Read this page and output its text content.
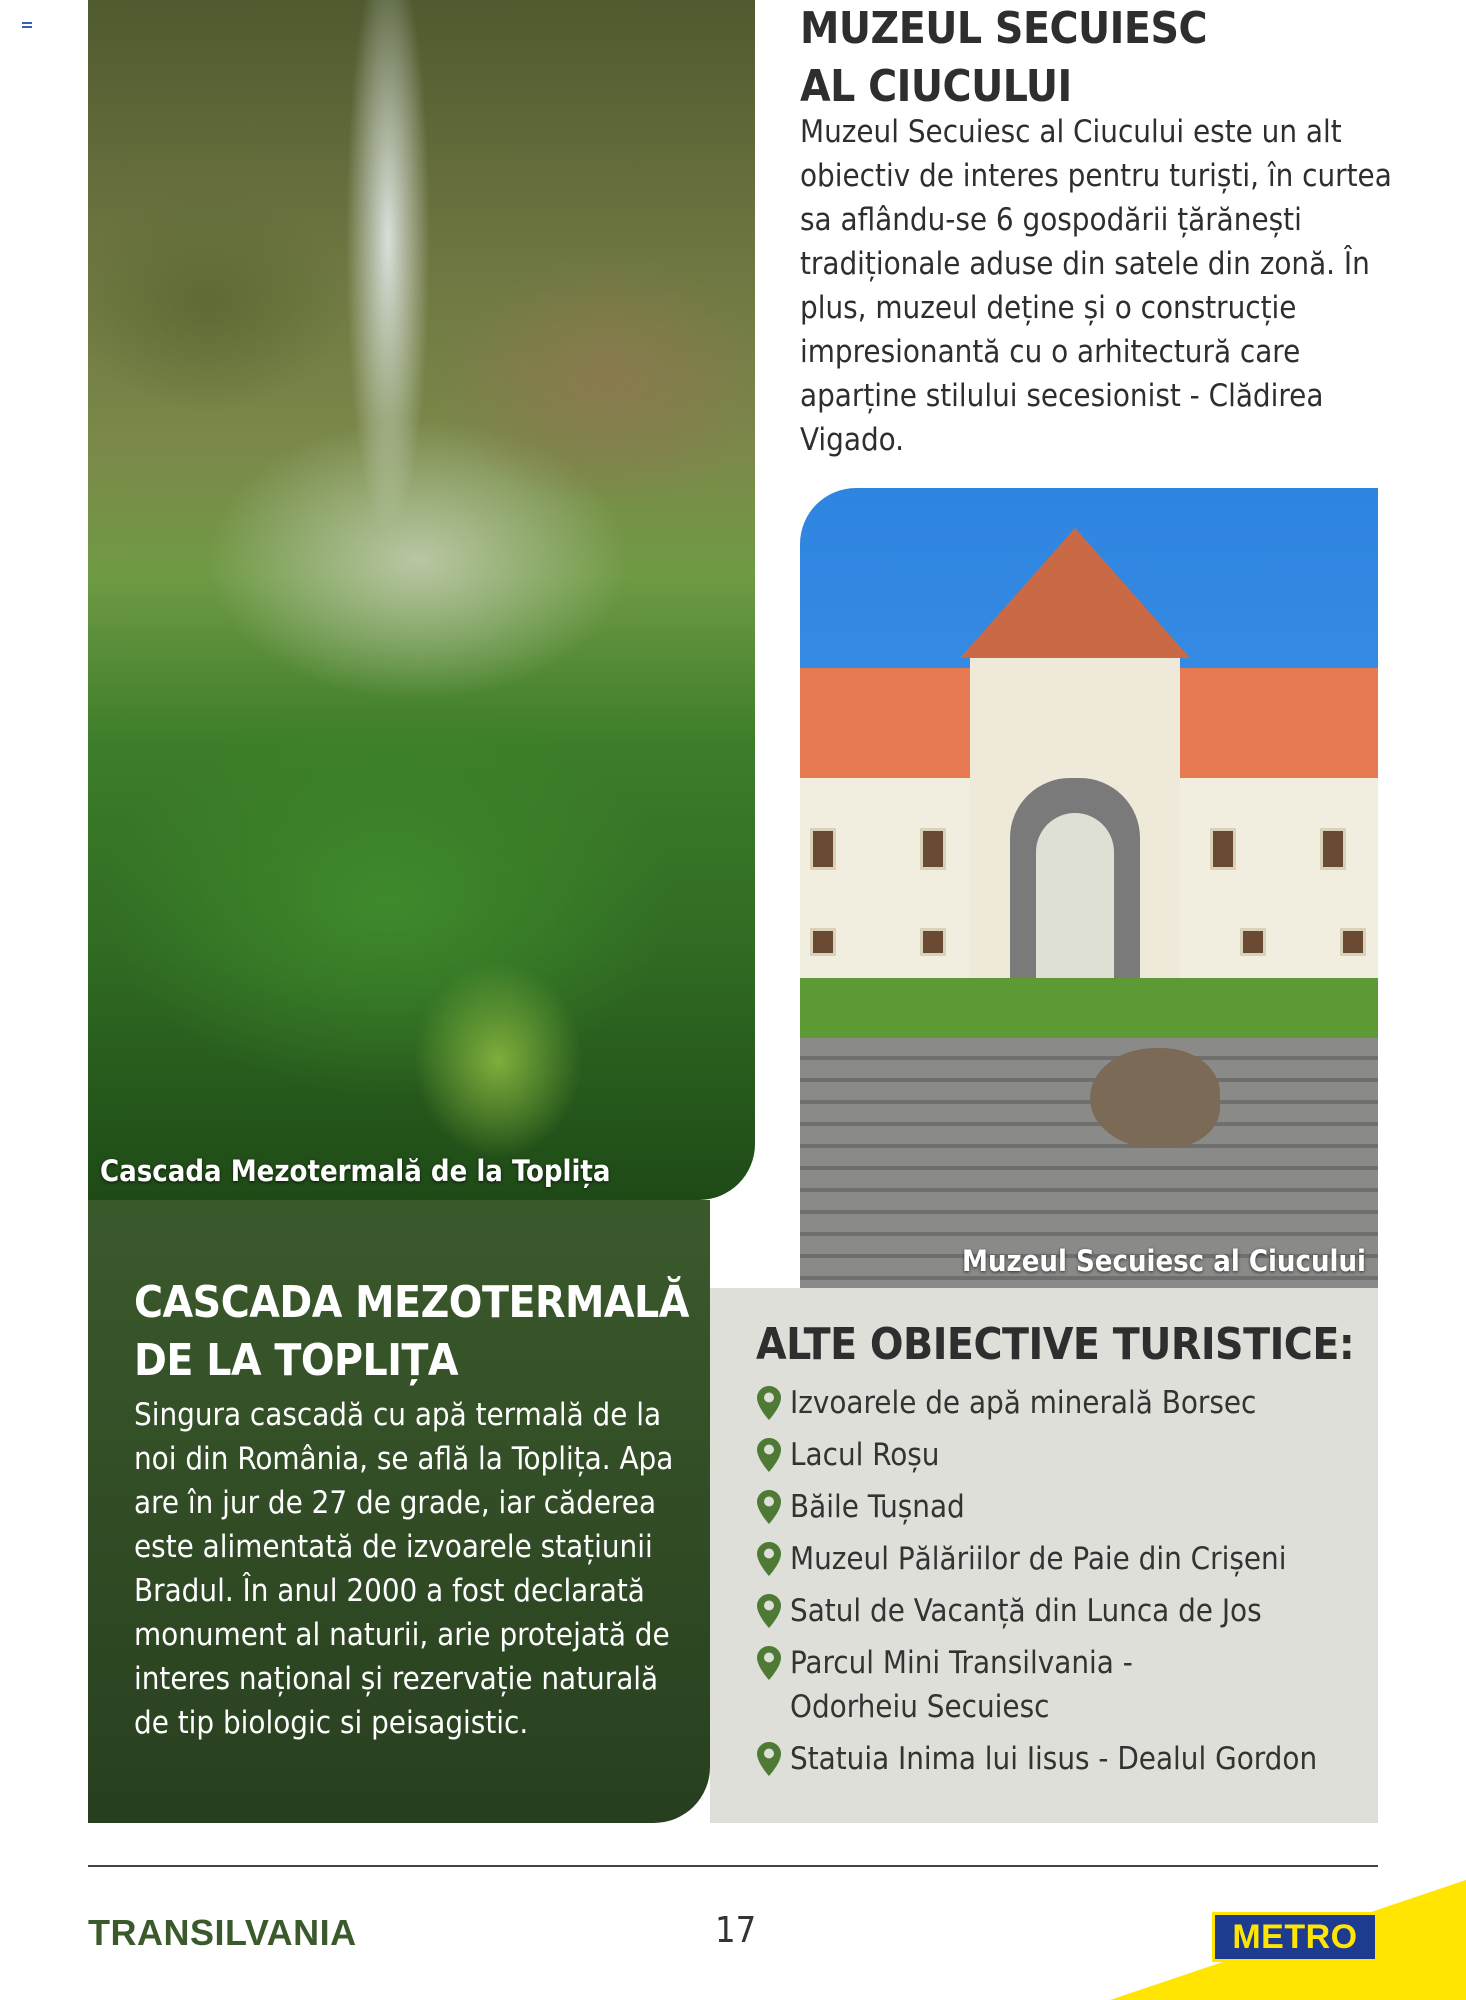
Cascada Mezotermală de la Toplița
CASCADA MEZOTERMALĂ
DE LA TOPLIȚA

Singura cascadă cu apă termală de la noi din România, se află la Toplița. Apa are în jur de 27 de grade, iar căderea este alimentată de izvoarele stațiunii Bradul. În anul 2000 a fost declarată monument al naturii, arie protejată de interes național și rezervație naturală de tip biologic si peisagistic.

MUZEUL SECUIESC
AL CIUCULUI

Muzeul Secuiesc al Ciucului este un alt obiectiv de interes pentru turiști, în curtea sa aflându-se 6 gospodării țărănești tradiționale aduse din satele din zonă. În plus, muzeul deține și o construcție impresionantă cu o arhitectură care aparține stilului secesionist - Clădirea Vigado.

Muzeul Secuiesc al Ciucului
ALTE OBIECTIVE TURISTICE:
Izvoarele de apă minerală Borsec
Lacul Roșu
Băile Tușnad
Muzeul Pălăriilor de Paie din Crișeni
Satul de Vacanță din Lunca de Jos
Parcul Mini Transilvania - Odorheiu Secuiesc
Statuia Inima lui Iisus - Dealul Gordon
TRANSILVANIA	17	METRO
